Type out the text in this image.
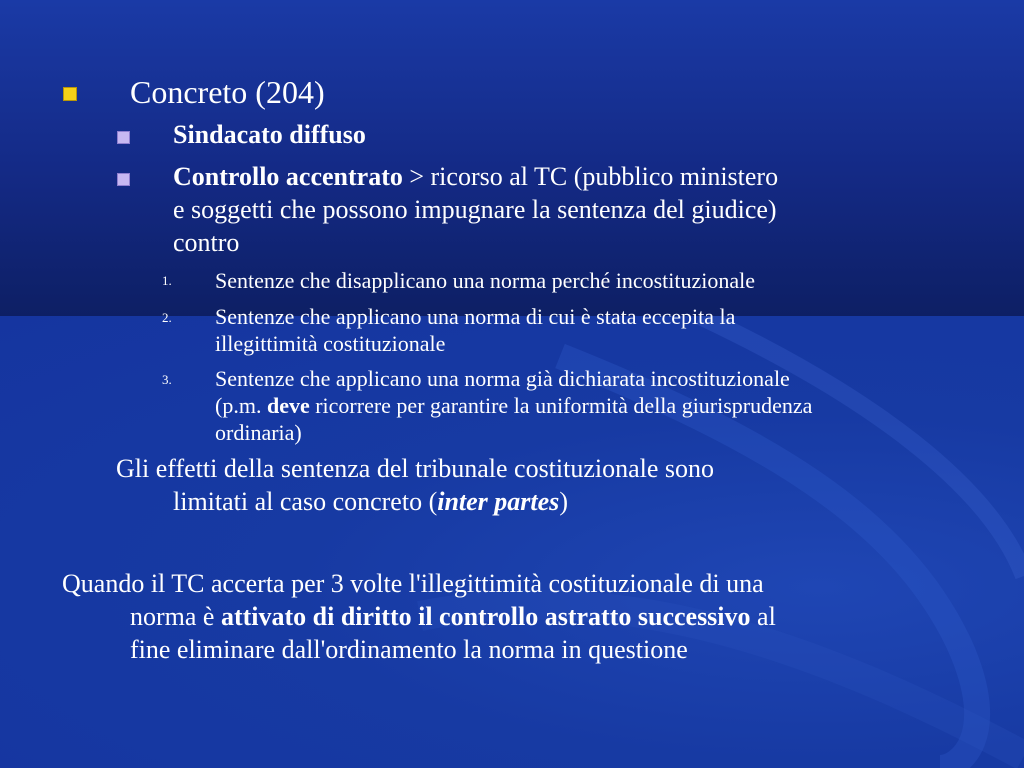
Concreto (204)
Sindacato diffuso
Controllo accentrato > ricorso al TC (pubblico ministero
e soggetti che possono impugnare la sentenza del giudice)
contro
1. Sentenze che disapplicano una norma perché incostituzionale
2. Sentenze che applicano una norma di cui è stata eccepita la
illegittimità costituzionale
3. Sentenze che applicano una norma già dichiarata incostituzionale
(p.m. deve ricorrere per garantire la uniformità della giurisprudenza
ordinaria)
Gli effetti della sentenza del tribunale costituzionale sono
limitati al caso concreto (inter partes)
Quando il TC accerta per 3 volte l'illegittimità costituzionale di una
norma è attivato di diritto il controllo astratto successivo al
fine eliminare dall'ordinamento la norma in questione
